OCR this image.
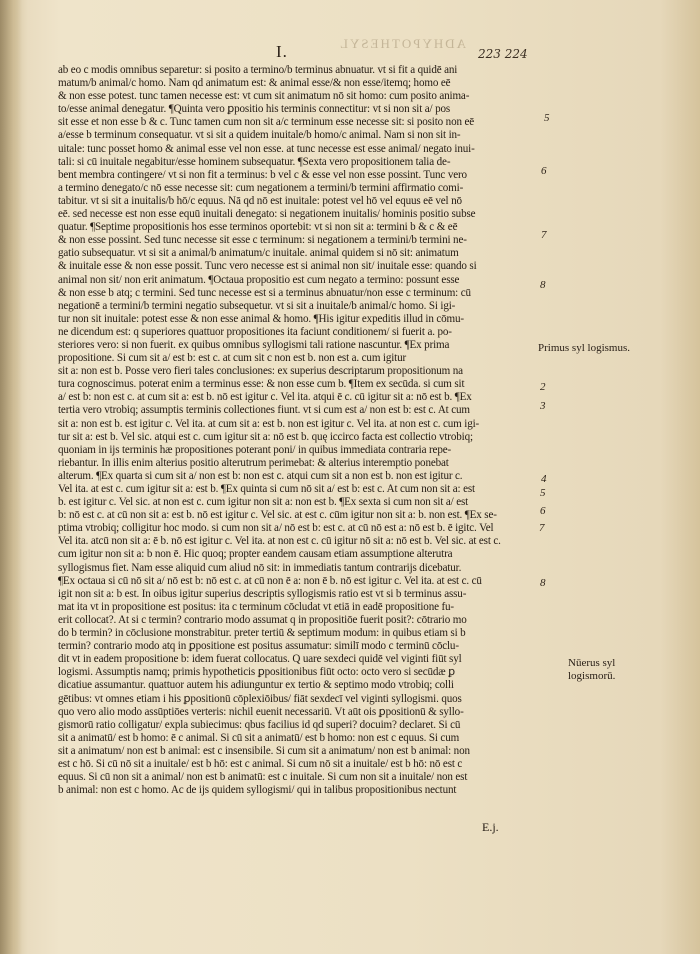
I.	ADHYPOTHESYL
223 224
ab eo c modis omnibus separetur: si posito a termino/b terminus abnuatur. vt si fit a quidē ani
matum/b animal/c homo. Nam qd animatum est: & animal esse/& non esse/itemq; homo eē
& non esse potest. tunc tamen necesse est: vt cum sit animatum nō sit homo: cum posito anima-
to/esse animal denegatur. ¶Quinta vero ꝑpositio his terminis connectitur: vt si non sit a/ pos
sit esse et non esse b & c. Tunc tamen cum non sit a/c terminum esse necesse sit: si posito non eē
a/esse b terminum consequatur. vt si sit a quidem inuitale/b homo/c animal. Nam si non sit in-
uitale: tunc posset homo & animal esse vel non esse. at tunc necesse est esse animal/ negato inui-
tali: si cū inuitale negabitur/esse hominem subsequatur. ¶Sexta vero propositionem talia de-
bent membra contingere/ vt si non fit a terminus: b vel c & esse vel non esse possint. Tunc vero
a termino denegato/c nō esse necesse sit: cum negationem a termini/b termini affirmatio comi-
tabitur. vt si sit a inuitalis/b hō/c equus. Nā qd nō est inuitale: potest vel hō vel equus eē vel nō
eē. sed necesse est non esse equū inuitali denegato: si negationem inuitalis/ hominis positio subse
quatur. ¶Septime propositionis hos esse terminos oportebit: vt si non sit a: termini b & c & eē
& non esse possint. Sed tunc necesse sit esse c terminum: si negationem a termini/b termini ne-
gatio subsequatur. vt si sit a animal/b animatum/c inuitale. animal quidem si nō sit: animatum
& inuitale esse & non esse possit. Tunc vero necesse est si animal non sit/ inuitale esse: quando si
animal non sit/ non erit animatum. ¶Octaua propositio est cum negato a termino: possunt esse
& non esse b atq; c termini. Sed tunc necesse est si a terminus abnuatur/non esse c terminum: cū
negationē a termini/b termini negatio subsequetur. vt si sit a inuitale/b animal/c homo. Si igi-
tur non sit inuitale: potest esse & non esse animal & homo. ¶His igitur expeditis illud in cōmu-
ne dicendum est: q superiores quattuor propositiones ita faciunt conditionem/ si fuerit a. po-
steriores vero: si non fuerit. ex quibus omnibus syllogismi tali ratione nascuntur. ¶Ex prima
propositione. Si cum sit a/ est b: est c. at cum sit c non est b. non est a. cum igitur
sit a: non est b. Posse vero fieri tales conclusiones: ex superius descriptarum propositionum na
tura cognoscimus. poterat enim a terminus esse: & non esse cum b. ¶Item ex secūda. si cum sit
a/ est b: non est c. at cum sit a: est b. nō est igitur c. Vel ita. atqui ē c. cū igitur sit a: nō est b. ¶Ex
tertia vero vtrobiq; assumptis terminis collectiones fiunt. vt si cum est a/ non est b: est c. At cum
sit a: non est b. est igitur c. Vel ita. at cum sit a: est b. non est igitur c. Vel ita. at non est c. cum igi-
tur sit a: est b. Vel sic. atqui est c. cum igitur sit a: nō est b. quę iccirco facta est collectio vtrobiq;
quoniam in ijs terminis hæ propositiones poterant poni/ in quibus immediata contraria repe-
riebantur. In illis enim alterius positio alterutrum perimebat: & alterius interemptio ponebat
alterum. ¶Ex quarta si cum sit a/ non est b: non est c. atqui cum sit a non est b. non est igitur c.
Vel ita. at est c. cum igitur sit a: est b. ¶Ex quinta si cum nō sit a/ est b: est c. At cum non sit a: est
b. est igitur c. Vel sic. at non est c. cum igitur non sit a: non est b. ¶Ex sexta si cum non sit a/ est
b: nō est c. at cū non sit a: est b. nō est igitur c. Vel sic. at est c. cūm igitur non sit a: b. non est. ¶Ex se-
ptima vtrobiq; colligitur hoc modo. si cum non sit a/ nō est b: est c. at cū nō est a: nō est b. ē igitc. Vel
Vel ita. atcū non sit a: ē b. nō est igitur c. Vel ita. at non est c. cū igitur nō sit a: nō est b. Vel sic. at est c.
cum igitur non sit a: b non ē. Hic quoq; propter eandem causam etiam assumptione alterutra
syllogismus fiet. Nam esse aliquid cum aliud nō sit: in immediatis tantum contrarijs dicebatur.
¶Ex octaua si cū nō sit a/ nō est b: nō est c. at cū non ē a: non ē b. nō est igitur c. Vel ita. at est c. cū
igit non sit a: b est. In oibus igitur superius descriptis syllogismis ratio est vt si b terminus assu-
mat ita vt in propositione est positus: ita c terminum cōcludat vt etiā in eadē propositione fu-
erit collocat?. At si c termin? contrario modo assumat q in propositiōe fuerit posit?: cōtrario mo
do b termin? in cōclusione monstrabitur. preter tertiū & septimum modum: in quibus etiam si b
termin? contrario modo atq in ꝑpositione est positus assumatur: similī modo c terminū cōclu-
dit vt in eadem propositione b: idem fuerat collocatus. Q uare sexdeci quidē vel viginti fiūt syl
logismi. Assumptis namq; primis hypotheticis ꝑpositionibus fiūt octo: octo vero si secūdæ ꝑ
dicatiue assumantur. quattuor autem his adiunguntur ex tertio & septimo modo vtrobiq; colli
gētibus: vt omnes etiam i his ꝑpositionū cōplexiōibus/ fiāt sexdecī vel viginti syllogismi. quos
quo vero alio modo assūptiōes verteris: nichil euenit necessariū. Vt aūt ois ꝑpositionū & syllo-
gismorū ratio colligatur/ expla subiecimus: qbus facilius id qd superi? docuim? declaret. Si cū
sit a animatū/ est b homo: ē c animal. Si cū sit a animatū/ est b homo: non est c equus. Si cum
sit a animatum/ non est b animal: est c insensibile. Si cum sit a animatum/ non est b animal: non
est c hō. Si cū nō sit a inuitale/ est b hō: est c animal. Si cum nō sit a inuitale/ est b hō: nō est c
equus. Si cū non sit a animal/ non est b animatū: est c inuitale. Si cum non sit a inuitale/ non est
b animal: non est c homo. Ac de ijs quidem syllogismi/ qui in talibus propositionibus nectunt
5
6
7
8
Primus syl logismus.
2
3
4
5
6
7
8
Nūerus syl logismorū.
E.j.
